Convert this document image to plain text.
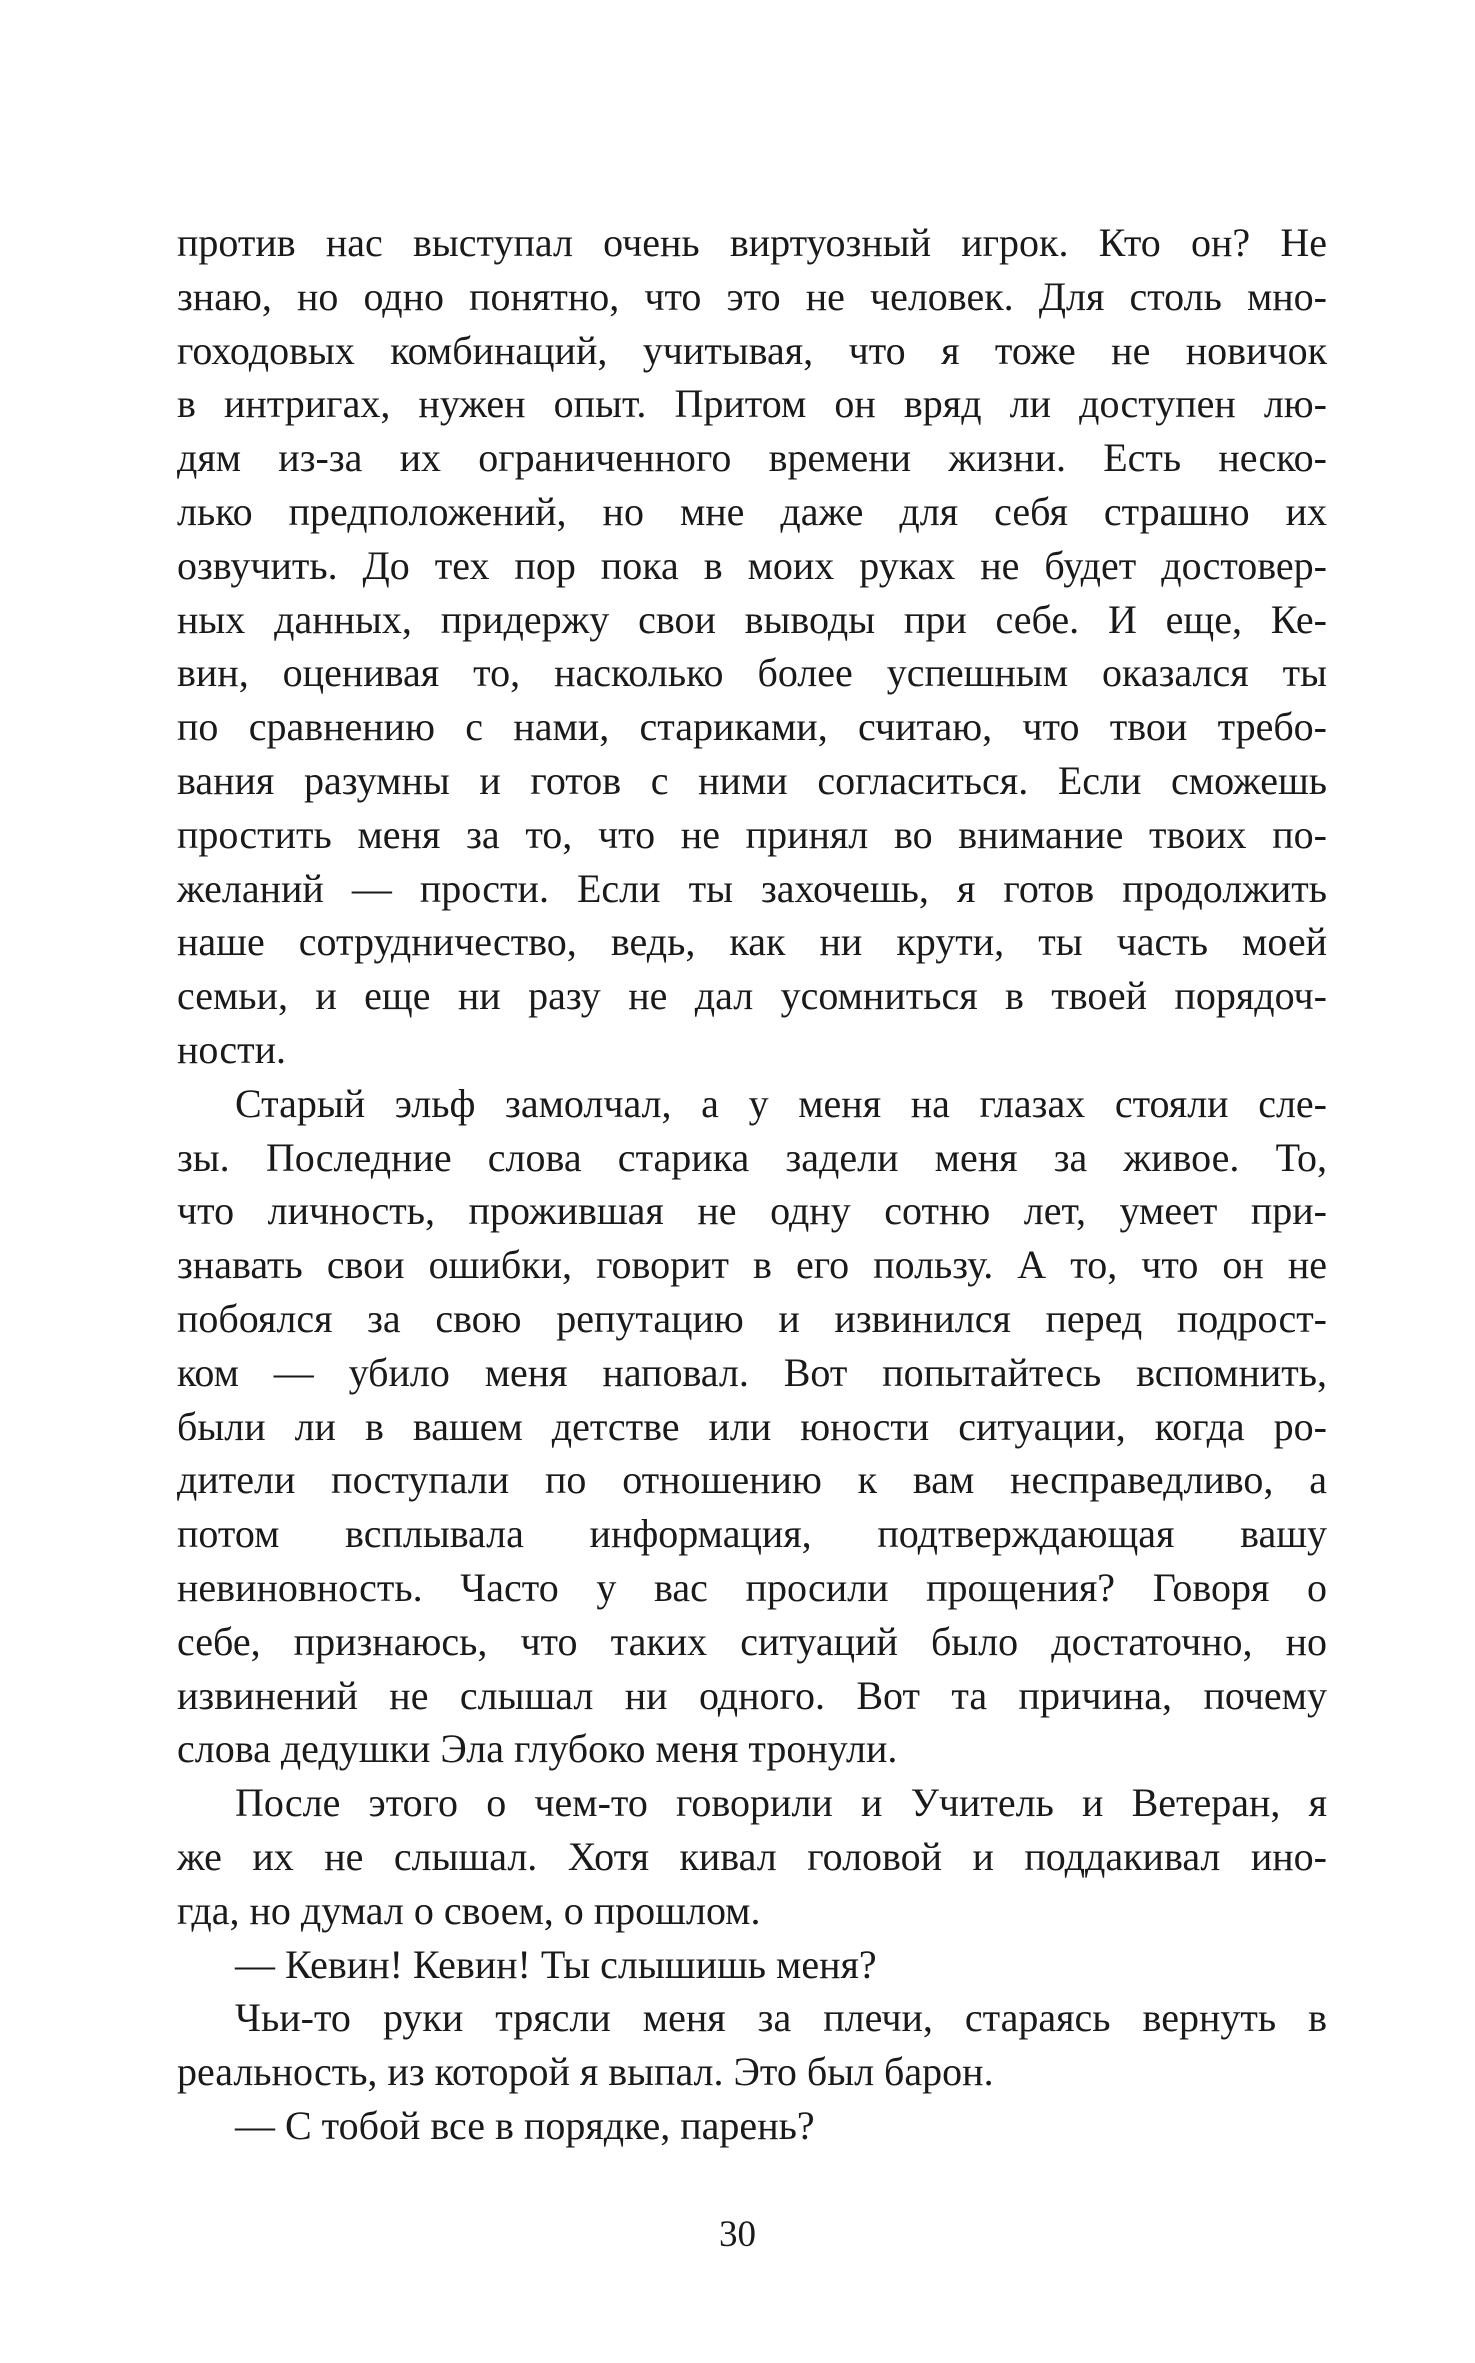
против нас выступал очень виртуозный игрок. Кто он? Не
знаю, но одно понятно, что это не человек. Для столь мно-
гоходовых комбинаций, учитывая, что я тоже не новичок
в интригах, нужен опыт. Притом он вряд ли доступен лю-
дям из-за их ограниченного времени жизни. Есть неско-
лько предположений, но мне даже для себя страшно их
озвучить. До тех пор пока в моих руках не будет достовер-
ных данных, придержу свои выводы при себе. И еще, Ке-
вин, оценивая то, насколько более успешным оказался ты
по сравнению с нами, стариками, считаю, что твои требо-
вания разумны и готов с ними согласиться. Если сможешь
простить меня за то, что не принял во внимание твоих по-
желаний — прости. Если ты захочешь, я готов продолжить
наше сотрудничество, ведь, как ни крути, ты часть моей
семьи, и еще ни разу не дал усомниться в твоей порядоч-
ности.
Старый эльф замолчал, а у меня на глазах стояли сле-
зы. Последние слова старика задели меня за живое. То,
что личность, прожившая не одну сотню лет, умеет при-
знавать свои ошибки, говорит в его пользу. А то, что он не
побоялся за свою репутацию и извинился перед подрост-
ком — убило меня наповал. Вот попытайтесь вспомнить,
были ли в вашем детстве или юности ситуации, когда ро-
дители поступали по отношению к вам несправедливо, а
потом всплывала информация, подтверждающая вашу
невиновность. Часто у вас просили прощения? Говоря о
себе, признаюсь, что таких ситуаций было достаточно, но
извинений не слышал ни одного. Вот та причина, почему
слова дедушки Эла глубоко меня тронули.
После этого о чем-то говорили и Учитель и Ветеран, я
же их не слышал. Хотя кивал головой и поддакивал ино-
гда, но думал о своем, о прошлом.
— Кевин! Кевин! Ты слышишь меня?
Чьи-то руки трясли меня за плечи, стараясь вернуть в
реальность, из которой я выпал. Это был барон.
— С тобой все в порядке, парень?
30
